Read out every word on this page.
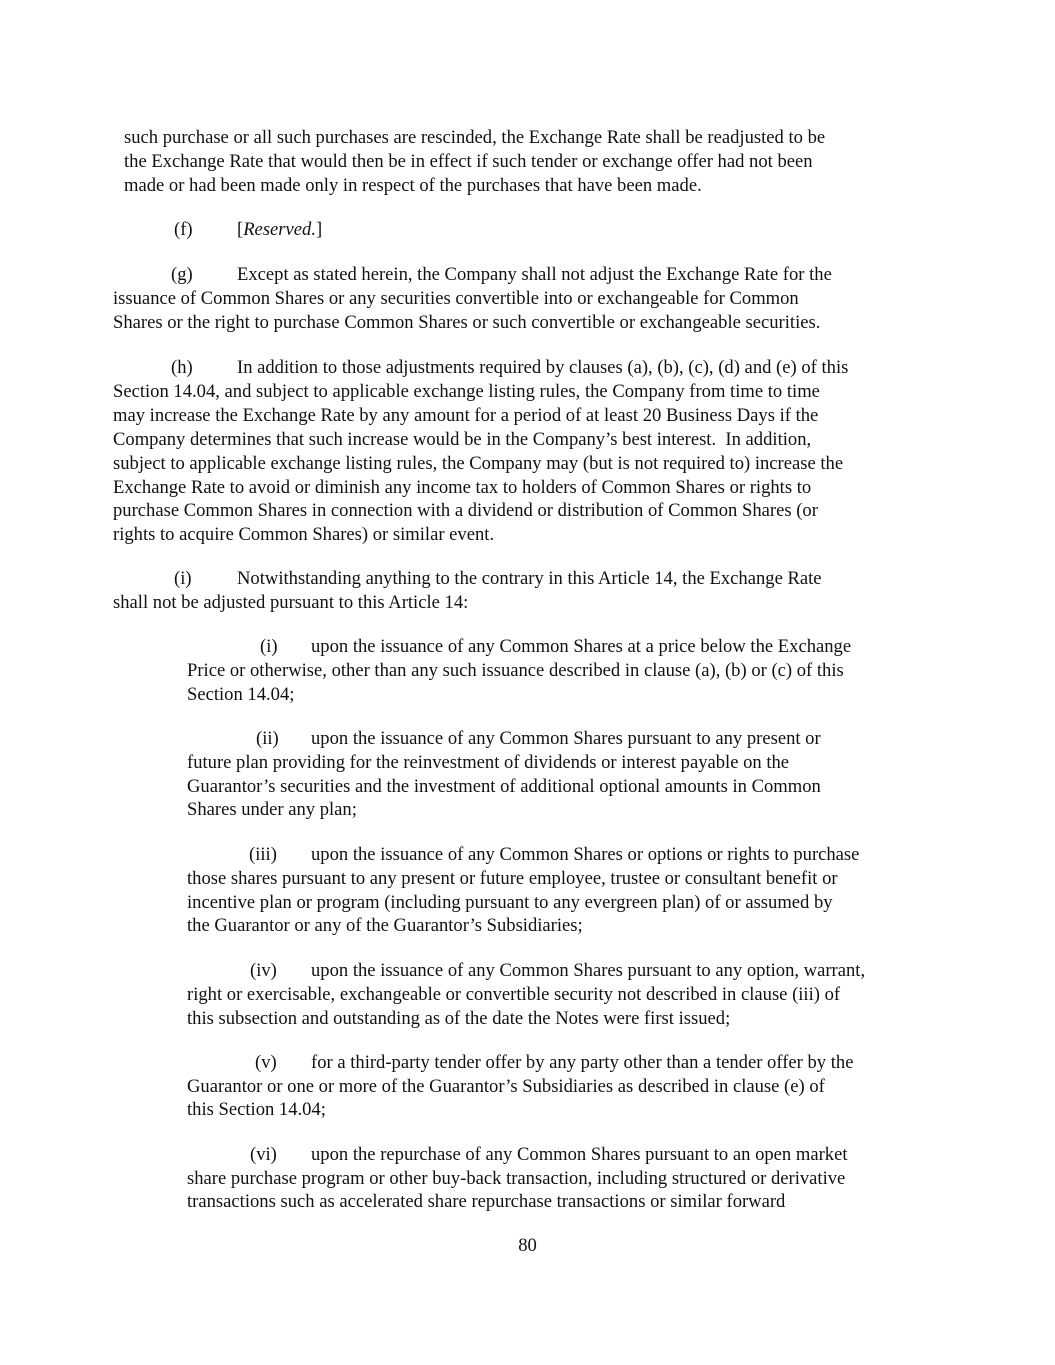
such purchase or all such purchases are rescinded, the Exchange Rate shall be readjusted to be
the Exchange Rate that would then be in effect if such tender or exchange offer had not been
made or had been made only in respect of the purchases that have been made.
(f) [Reserved.]
(g) Except as stated herein, the Company shall not adjust the Exchange Rate for the
issuance of Common Shares or any securities convertible into or exchangeable for Common
Shares or the right to purchase Common Shares or such convertible or exchangeable securities.
(h) In addition to those adjustments required by clauses (a), (b), (c), (d) and (e) of this
Section 14.04, and subject to applicable exchange listing rules, the Company from time to time
may increase the Exchange Rate by any amount for a period of at least 20 Business Days if the
Company determines that such increase would be in the Company’s best interest.  In addition,
subject to applicable exchange listing rules, the Company may (but is not required to) increase the
Exchange Rate to avoid or diminish any income tax to holders of Common Shares or rights to
purchase Common Shares in connection with a dividend or distribution of Common Shares (or
rights to acquire Common Shares) or similar event.
(i) Notwithstanding anything to the contrary in this Article 14, the Exchange Rate
shall not be adjusted pursuant to this Article 14:
(i) upon the issuance of any Common Shares at a price below the Exchange
Price or otherwise, other than any such issuance described in clause (a), (b) or (c) of this
Section 14.04;
(ii) upon the issuance of any Common Shares pursuant to any present or
future plan providing for the reinvestment of dividends or interest payable on the
Guarantor’s securities and the investment of additional optional amounts in Common
Shares under any plan;
(iii) upon the issuance of any Common Shares or options or rights to purchase
those shares pursuant to any present or future employee, trustee or consultant benefit or
incentive plan or program (including pursuant to any evergreen plan) of or assumed by
the Guarantor or any of the Guarantor’s Subsidiaries;
(iv) upon the issuance of any Common Shares pursuant to any option, warrant,
right or exercisable, exchangeable or convertible security not described in clause (iii) of
this subsection and outstanding as of the date the Notes were first issued;
(v) for a third-party tender offer by any party other than a tender offer by the
Guarantor or one or more of the Guarantor’s Subsidiaries as described in clause (e) of
this Section 14.04;
(vi) upon the repurchase of any Common Shares pursuant to an open market
share purchase program or other buy-back transaction, including structured or derivative
transactions such as accelerated share repurchase transactions or similar forward
80
